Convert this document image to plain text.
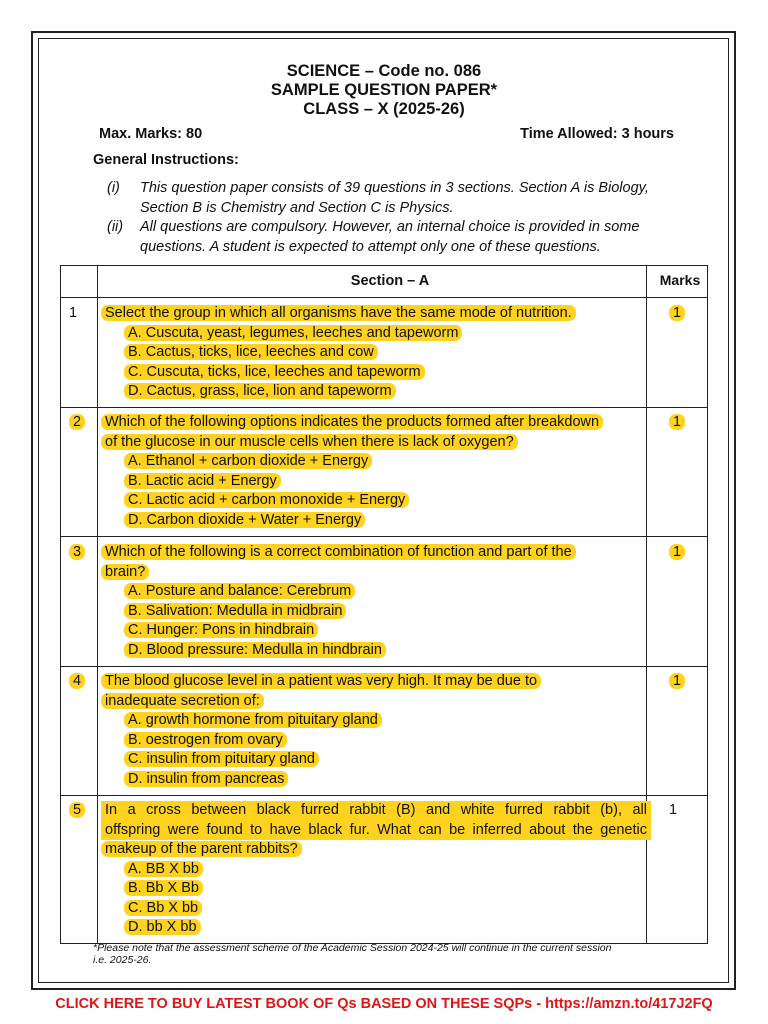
SCIENCE – Code no. 086
SAMPLE QUESTION PAPER*
CLASS – X (2025-26)
Max. Marks: 80	Time Allowed: 3 hours
General Instructions:
(i) This question paper consists of 39 questions in 3 sections. Section A is Biology,
Section B is Chemistry and Section C is Physics.
(ii) All questions are compulsory. However, an internal choice is provided in some
questions. A student is expected to attempt only one of these questions.
Section – A	Marks
1 Select the group in which all organisms have the same mode of nutrition.
A. Cuscuta, yeast, legumes, leeches and tapeworm
B. Cactus, ticks, lice, leeches and cow
C. Cuscuta, ticks, lice, leeches and tapeworm
D. Cactus, grass, lice, lion and tapeworm
1
2	Which of the following options indicates the products formed after breakdown
of the glucose in our muscle cells when there is lack of oxygen?
A. Ethanol + carbon dioxide + Energy
B. Lactic acid + Energy
C. Lactic acid + carbon monoxide + Energy
D. Carbon dioxide + Water + Energy
1
3	Which of the following is a correct combination of function and part of the
brain?
A. Posture and balance: Cerebrum
B. Salivation: Medulla in midbrain
C. Hunger: Pons in hindbrain
D. Blood pressure: Medulla in hindbrain
1
4	The blood glucose level in a patient was very high. It may be due to
inadequate secretion of:
A. growth hormone from pituitary gland
B. oestrogen from ovary
C. insulin from pituitary gland
D. insulin from pancreas
1
5	In a cross between black furred rabbit (B) and white furred rabbit (b), all
offspring were found to have black fur. What can be inferred about the genetic
makeup of the parent rabbits?
A. BB X bb
B. Bb X Bb
C. Bb X bb
D. bb X bb
1
*Please note that the assessment scheme of the Academic Session 2024-25 will continue in the current session
i.e. 2025-26.
CLICK HERE TO BUY LATEST BOOK OF Qs BASED ON THESE SQPs - https://amzn.to/417J2FQ
